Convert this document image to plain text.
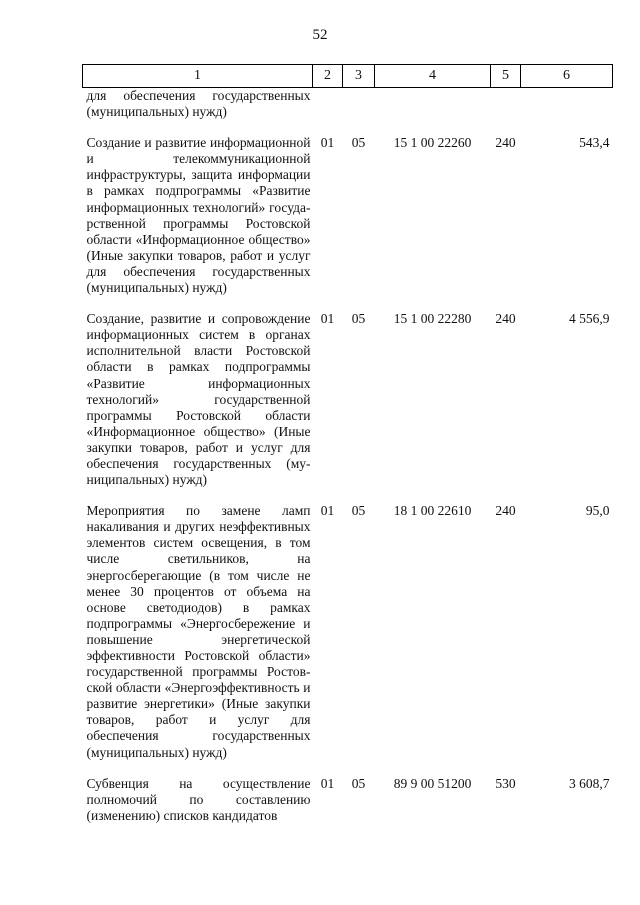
52
1	2	3	4	5	6
для обеспечения государственных (муниципальных) нужд)					
Создание и развитие информационной и телекоммуникационной инфраструктуры, защита информации в рамках подпрограммы «Развитие информационных технологий» государственной программы Ростовской области «Информационное общество» (Иные закупки товаров, работ и услуг для обеспечения государственных (муниципальных) нужд)	01	05	15 1 00 22260	240	543,4
Создание, развитие и сопровождение информационных систем в органах исполнительной власти Ростовской области в рамках подпрограммы «Развитие информационных технологий» государственной программы Ростовской области «Информационное общество» (Иные закупки товаров, работ и услуг для обеспечения государственных (муниципальных) нужд)	01	05	15 1 00 22280	240	4 556,9
Мероприятия по замене ламп накаливания и других неэффективных элементов систем освещения, в том числе светильников, на энергосберегающие (в том числе не менее 30 процентов от объема на основе светодиодов) в рамках подпрограммы «Энергосбережение и повышение энергетической эффективности Ростовской области» государственной программы Ростовской области «Энергоэффективность и развитие энергетики» (Иные закупки товаров, работ и услуг для обеспечения государственных (муниципальных) нужд)	01	05	18 1 00 22610	240	95,0
Субвенция на осуществление полномочий по составлению (изменению) списков кандидатов	01	05	89 9 00 51200	530	3 608,7
